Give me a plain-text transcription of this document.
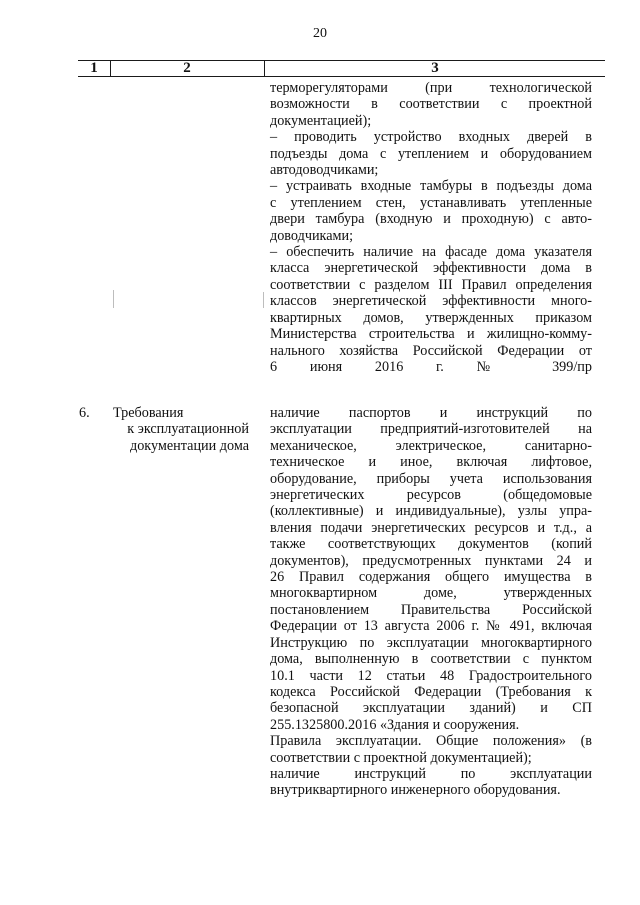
20
1	2	3
терморегуляторами (при технологической
возможности в соответствии с проектной
документацией);
– проводить устройство входных дверей в
подъезды дома с утеплением и оборудованием
автодоводчиками;
– устраивать входные тамбуры в подъезды дома
с утеплением стен, устанавливать утепленные
двери тамбура (входную и проходную) с авто-
доводчиками;
– обеспечить наличие на фасаде дома указателя
класса энергетической эффективности дома в
соответствии с разделом III Правил определения
классов энергетической эффективности много-
квартирных домов, утвержденных приказом
Министерства строительства и жилищно-комму-
нального хозяйства Российской Федерации от
6 июня 2016 г. № 399/пр
6. Требования
к эксплуатационной
документации дома
наличие паспортов и инструкций по
эксплуатации предприятий-изготовителей на
механическое, электрическое, санитарно-
техническое и иное, включая лифтовое,
оборудование, приборы учета использования
энергетических ресурсов (общедомовые
(коллективные) и индивидуальные), узлы упра-
вления подачи энергетических ресурсов и т.д., а
также соответствующих документов (копий
документов), предусмотренных пунктами 24 и
26 Правил содержания общего имущества в
многоквартирном доме, утвержденных
постановлением Правительства Российской
Федерации от 13 августа 2006 г. № 491, включая
Инструкцию по эксплуатации многоквартирного
дома, выполненную в соответствии с пунктом
10.1 части 12 статьи 48 Градостроительного
кодекса Российской Федерации (Требования к
безопасной эксплуатации зданий) и СП
255.1325800.2016 «Здания и сооружения.
Правила эксплуатации. Общие положения» (в
соответствии с проектной документацией);
наличие инструкций по эксплуатации
внутриквартирного инженерного оборудования.
